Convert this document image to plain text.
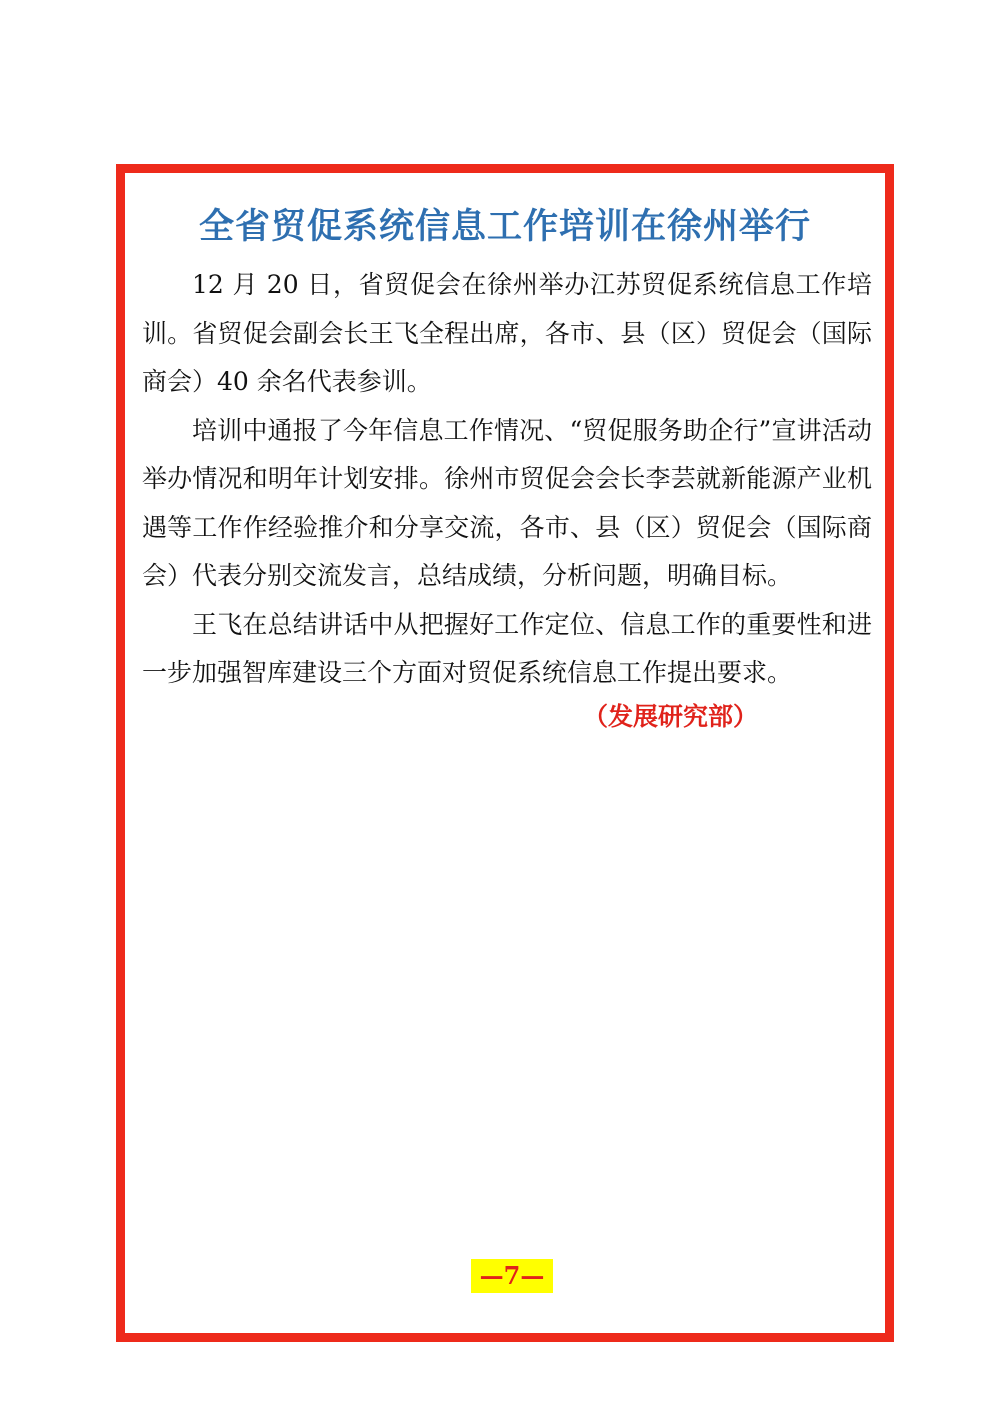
全省贸促系统信息工作培训在徐州举行

12 月 20 日，省贸促会在徐州举办江苏贸促系统信息工作培训。省贸促会副会长王飞全程出席，各市、县（区）贸促会（国际商会）40 余名代表参训。

培训中通报了今年信息工作情况、“贸促服务助企行”宣讲活动举办情况和明年计划安排。徐州市贸促会会长李芸就新能源产业机遇等工作作经验推介和分享交流，各市、县（区）贸促会（国际商会）代表分别交流发言，总结成绩，分析问题，明确目标。

王飞在总结讲话中从把握好工作定位、信息工作的重要性和进一步加强智库建设三个方面对贸促系统信息工作提出要求。

（发展研究部）
—7—
